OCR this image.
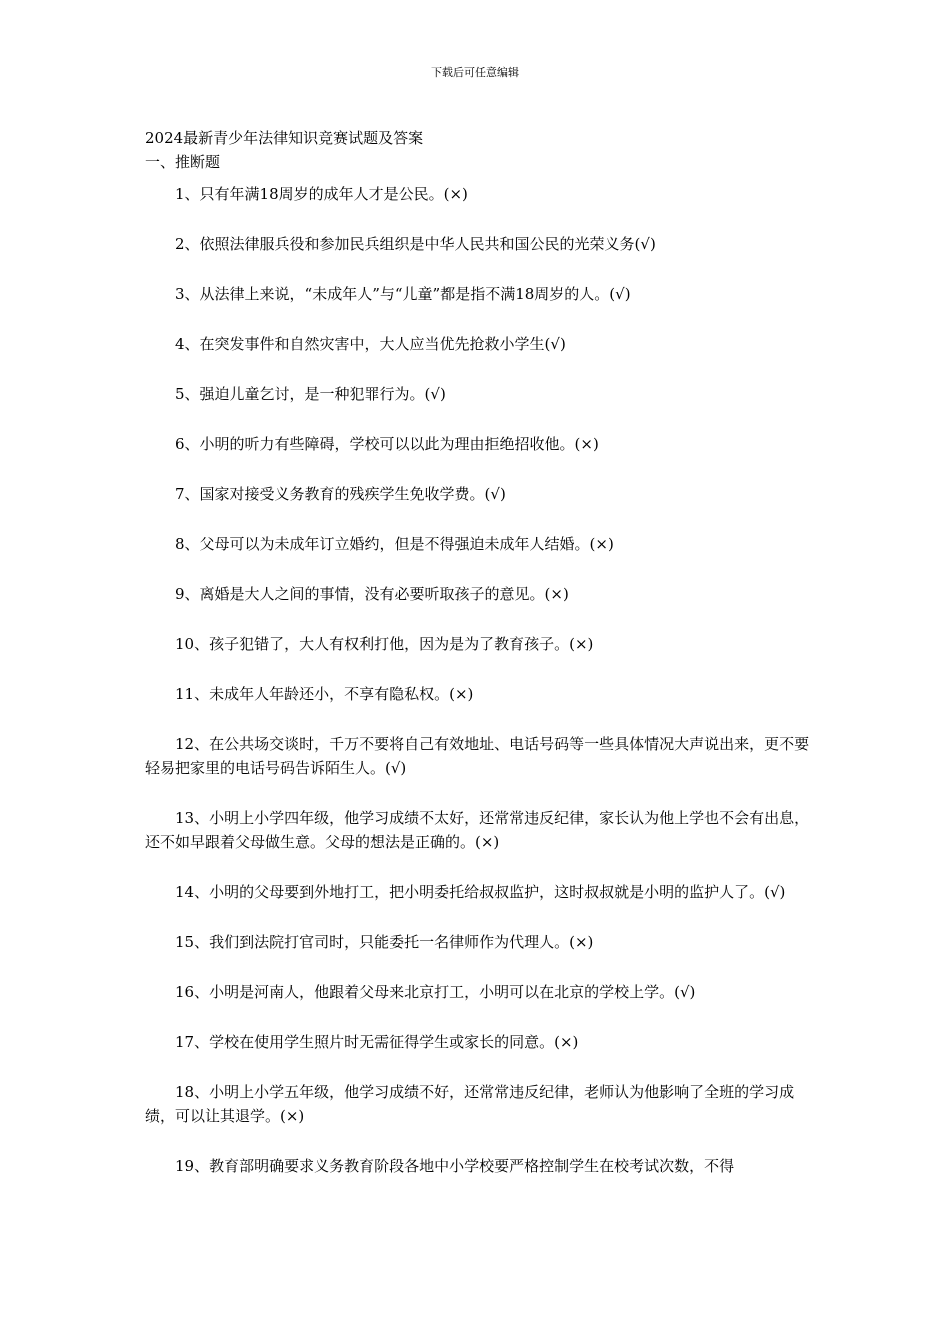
下载后可任意编辑

2024最新青少年法律知识竞赛试题及答案

一、推断题

1、只有年满18周岁的成年人才是公民。(×)
2、依照法律服兵役和参加民兵组织是中华人民共和国公民的光荣义务(√)
3、从法律上来说，“未成年人”与“儿童”都是指不满18周岁的人。(√)
4、在突发事件和自然灾害中，大人应当优先抢救小学生(√)
5、强迫儿童乞讨，是一种犯罪行为。(√)
6、小明的听力有些障碍，学校可以以此为理由拒绝招收他。(×)
7、国家对接受义务教育的残疾学生免收学费。(√)
8、父母可以为未成年订立婚约，但是不得强迫未成年人结婚。(×)
9、离婚是大人之间的事情，没有必要听取孩子的意见。(×)
10、孩子犯错了，大人有权利打他，因为是为了教育孩子。(×)
11、未成年人年龄还小，不享有隐私权。(×)
12、在公共场交谈时，千万不要将自己有效地址、电话号码等一些具体情况大声说出来，更不要轻易把家里的电话号码告诉陌生人。(√)
13、小明上小学四年级，他学习成绩不太好，还常常违反纪律，家长认为他上学也不会有出息，还不如早跟着父母做生意。父母的想法是正确的。(×)
14、小明的父母要到外地打工，把小明委托给叔叔监护，这时叔叔就是小明的监护人了。(√)
15、我们到法院打官司时，只能委托一名律师作为代理人。(×)
16、小明是河南人，他跟着父母来北京打工，小明可以在北京的学校上学。(√)
17、学校在使用学生照片时无需征得学生或家长的同意。(×)
18、小明上小学五年级，他学习成绩不好，还常常违反纪律，老师认为他影响了全班的学习成绩，可以让其退学。(×)
19、教育部明确要求义务教育阶段各地中小学校要严格控制学生在校考试次数，不得
